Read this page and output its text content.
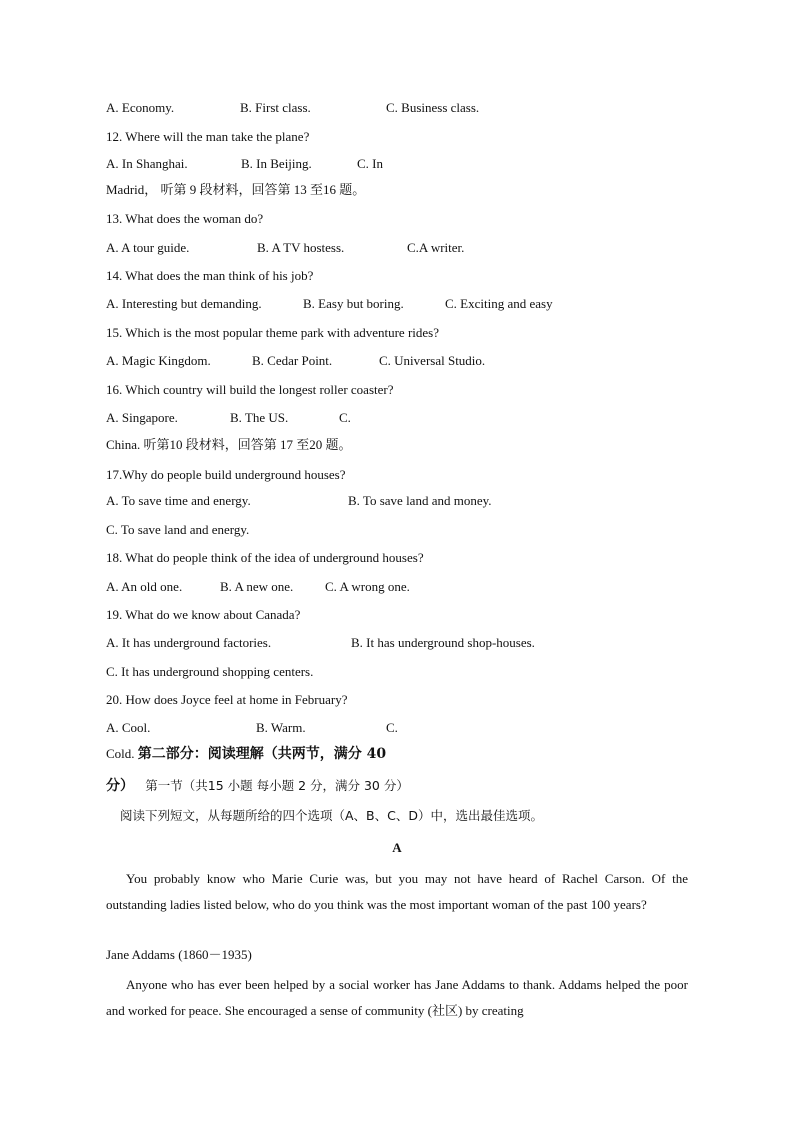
A. Economy.	B. First class.	C. Business class.
12. Where will the man take the plane?
A. In Shanghai.	B. In Beijing.	C. In
Madrid， 听第 9 段材料，回答第 13 至16 题。
13. What does the woman do?
A. A tour guide.	B. A TV hostess.	C.A writer.
14. What does the man think of his job?
A. Interesting but demanding.	B. Easy but boring.	C. Exciting and easy
15. Which is the most popular theme park with adventure rides?
A. Magic Kingdom.	B. Cedar Point.	C. Universal Studio.
16. Which country will build the longest roller coaster?
A. Singapore.	B. The US.	C.
China. 听第10 段材料，回答第 17 至20 题。
17.Why do people build underground houses?
A. To save time and energy.	B. To save land and money.
C. To save land and energy.
18. What do people think of the idea of underground houses?
A. An old one.	B. A new one. C. A wrong one.
19. What do we know about Canada?
A. It has underground factories.	B. It has underground shop-houses.
C. It has underground shopping centers.
20. How does Joyce feel at home in February?
A. Cool.	B. Warm.	C.
Cold. 第二部分：阅读理解（共两节，满分 40
分） 第一节（共15 小题 每小题 2 分，满分 30 分）
阅读下列短文，从每题所给的四个选项（A、B、C、D）中，选出最佳选项。
A
You probably know who Marie Curie was, but you may not have heard of Rachel Carson. Of the outstanding ladies listed below, who do you think was the most important woman of the past 100 years?
Jane Addams (1860－1935)
Anyone who has ever been helped by a social worker has Jane Addams to thank. Addams helped the poor and worked for peace. She encouraged a sense of community (社区) by creating
